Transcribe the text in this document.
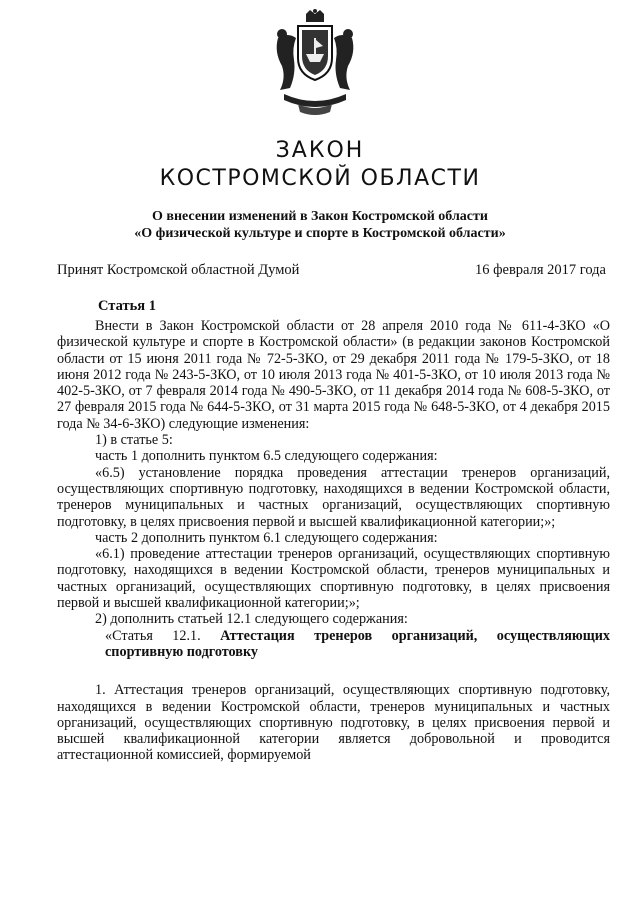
ЗАКОН
КОСТРОМСКОЙ ОБЛАСТИ
О внесении изменений в Закон Костромской области
«О физической культуре и спорте в Костромской области»
Принят Костромской областной Думой	16 февраля 2017 года
Статья 1

Внести в Закон Костромской области от 28 апреля 2010 года № 611-4-ЗКО «О физической культуре и спорте в Костромской области» (в редакции законов Костромской области от 15 июня 2011 года № 72-5-ЗКО, от 29 декабря 2011 года № 179-5-ЗКО, от 18 июня 2012 года № 243-5-ЗКО, от 10 июля 2013 года № 401-5-ЗКО, от 10 июля 2013 года № 402-5-ЗКО, от 7 февраля 2014 года № 490-5-ЗКО, от 11 декабря 2014 года № 608-5-ЗКО, от 27 февраля 2015 года № 644-5-ЗКО, от 31 марта 2015 года № 648-5-ЗКО, от 4 декабря 2015 года № 34-6-ЗКО) следующие изменения:

1) в статье 5:

часть 1 дополнить пунктом 6.5 следующего содержания:

«6.5) установление порядка проведения аттестации тренеров организаций, осуществляющих спортивную подготовку, находящихся в ведении Костромской области, тренеров муниципальных и частных организаций, осуществляющих спортивную подготовку, в целях присвоения первой и высшей квалификационной категории;»;

часть 2 дополнить пунктом 6.1 следующего содержания:

«6.1) проведение аттестации тренеров организаций, осуществляющих спортивную подготовку, находящихся в ведении Костромской области, тренеров муниципальных и частных организаций, осуществляющих спортивную подготовку, в целях присвоения первой и высшей квалификационной категории;»;

2) дополнить статьей 12.1 следующего содержания:

«Статья 12.1. Аттестация тренеров организаций, осуществляющих спортивную подготовку

1. Аттестация тренеров организаций, осуществляющих спортивную подготовку, находящихся в ведении Костромской области, тренеров муниципальных и частных организаций, осуществляющих спортивную подготовку, в целях присвоения первой и высшей квалификационной категории является добровольной и проводится аттестационной комиссией, формируемой
